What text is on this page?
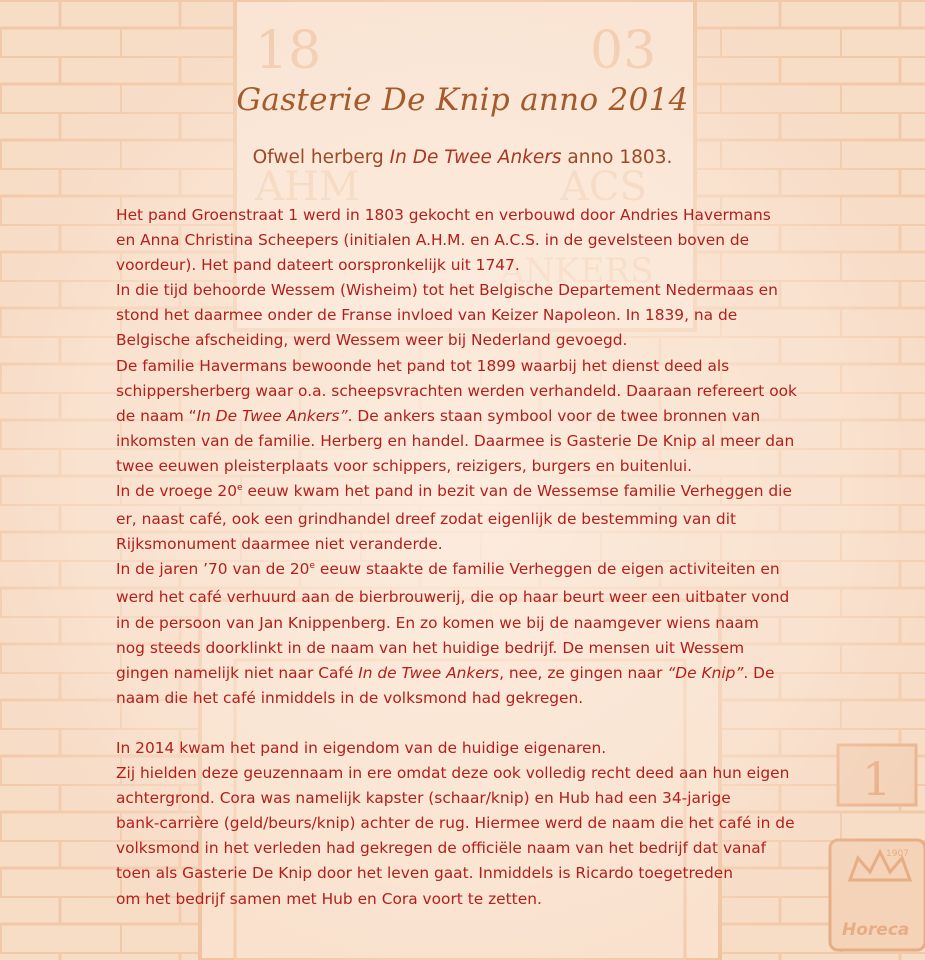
Gasterie De Knip anno 2014
Ofwel herberg In De Twee Ankers anno 1803.

Het pand Groenstraat 1 werd in 1803 gekocht en verbouwd door Andries Havermans

en Anna Christina Scheepers (initialen A.H.M. en A.C.S. in de gevelsteen boven de

voordeur). Het pand dateert oorspronkelijk uit 1747.

In die tijd behoorde Wessem (Wisheim) tot het Belgische Departement Nedermaas en

stond het daarmee onder de Franse invloed van Keizer Napoleon. In 1839, na de

Belgische afscheiding, werd Wessem weer bij Nederland gevoegd.

De familie Havermans bewoonde het pand tot 1899 waarbij het dienst deed als

schippersherberg waar o.a. scheepsvrachten werden verhandeld. Daaraan refereert ook

de naam “In De Twee Ankers”. De ankers staan symbool voor de twee bronnen van

inkomsten van de familie. Herberg en handel. Daarmee is Gasterie De Knip al meer dan

twee eeuwen pleisterplaats voor schippers, reizigers, burgers en buitenlui.

In de vroege 20e eeuw kwam het pand in bezit van de Wessemse familie Verheggen die

er, naast café, ook een grindhandel dreef zodat eigenlijk de bestemming van dit

Rijksmonument daarmee niet veranderde.

In de jaren ’70 van de 20e eeuw staakte de familie Verheggen de eigen activiteiten en

werd het café verhuurd aan de bierbrouwerij, die op haar beurt weer een uitbater vond

in de persoon van Jan Knippenberg. En zo komen we bij de naamgever wiens naam

nog steeds doorklinkt in de naam van het huidige bedrijf. De mensen uit Wessem

gingen namelijk niet naar Café In de Twee Ankers, nee, ze gingen naar “De Knip”. De

naam die het café inmiddels in de volksmond had gekregen.

In 2014 kwam het pand in eigendom van de huidige eigenaren.

Zij hielden deze geuzennaam in ere omdat deze ook volledig recht deed aan hun eigen

achtergrond. Cora was namelijk kapster (schaar/knip) en Hub had een 34-jarige

bank-carrière (geld/beurs/knip) achter de rug. Hiermee werd de naam die het café in de

volksmond in het verleden had gekregen de officiële naam van het bedrijf dat vanaf

toen als Gasterie De Knip door het leven gaat. Inmiddels is Ricardo toegetreden

om het bedrijf samen met Hub en Cora voort te zetten.
